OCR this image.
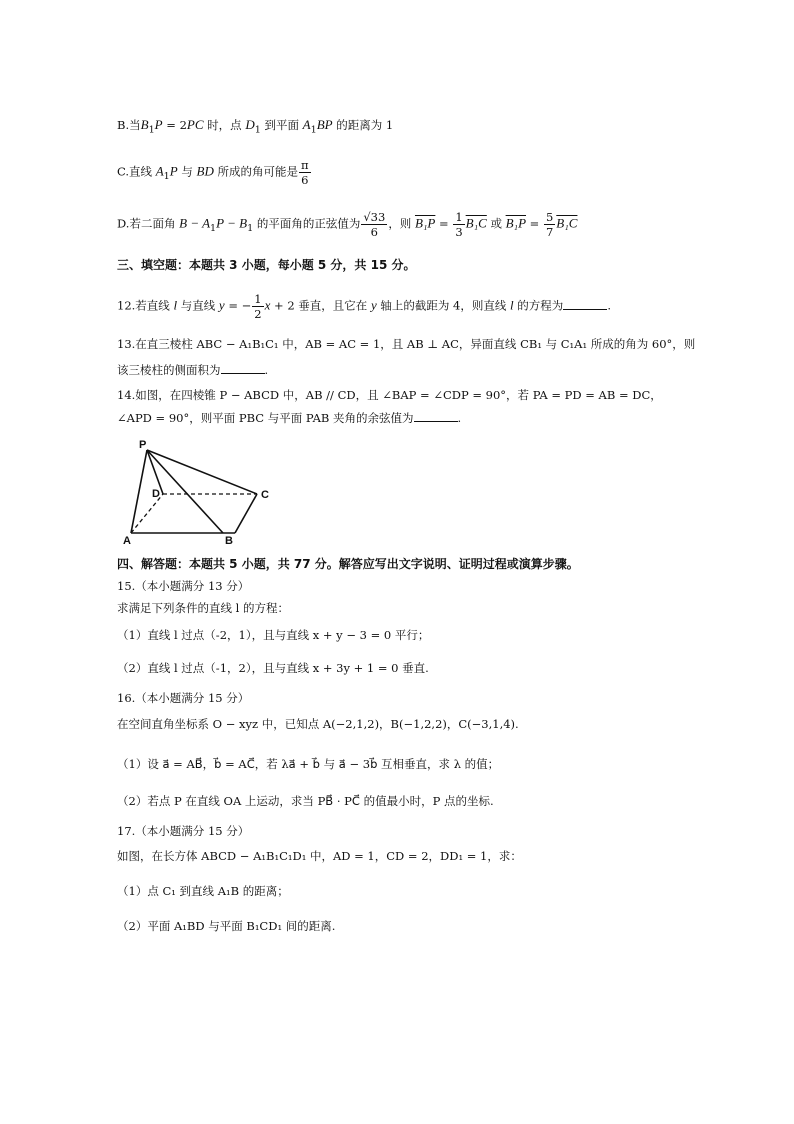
B.当$B_1P = 2PC$ 时，点 $D_1$ 到平面 $A_1BP$ 的距离为 1
C.直线 $A_1P$ 与 BD 所成的角可能是 $\frac{\pi}{6}$
D.若二面角 $B - A_1P - B_1$ 的平面角的正弦值为 $\frac{√33}{6}$ ，则 $B_1P = \frac{1}{3} B_1C$ 或 $B_1P = \frac{5}{7} B_1C$
三、填空题：本题共 3 小题，每小题 5 分，共 15 分。
12.若直线 l 与直线 y = − $\frac{1}{2}$ x + 2 垂直，且它在 y 轴上的截距为 4，则直线 l 的方程为	.
13.在直三棱柱 ABC − A₁B₁C₁ 中，AB = AC = 1，且 AB ⊥ AC，异面直线 CB₁ 与 C₁A₁ 所成的角为 60°，则
该三棱柱的侧面积为	.
14.如图，在四棱锥 P − ABCD 中，AB // CD，且 ∠BAP = ∠CDP = 90°，若 PA = PD = AB = DC，
∠APD = 90°，则平面 PBC 与平面 PAB 夹角的余弦值为	.
P
D	C
A	B
四、解答题：本题共 5 小题，共 77 分。解答应写出文字说明、证明过程或演算步骤。
15.（本小题满分 13 分）
求满足下列条件的直线 l 的方程：
（1）直线 l 过点（-2，1），且与直线 x + y − 3 = 0 平行；
（2）直线 l 过点（-1，2），且与直线 x + 3y + 1 = 0 垂直.
16.（本小题满分 15 分）
在空间直角坐标系 O − xyz 中，已知点 A(−2,1,2)，B(−1,2,2)，C(−3,1,4).
（1）设 a⃗ = AB⃗，b⃗ = AC⃗，若 λa⃗ + b⃗ 与 a⃗ − 3b⃗ 互相垂直，求 λ 的值；
（2）若点 P 在直线 OA 上运动，求当 PB⃗ · PC⃗ 的值最小时，P 点的坐标.
17.（本小题满分 15 分）
如图，在长方体 ABCD − A₁B₁C₁D₁ 中，AD = 1，CD = 2，DD₁ = 1，求：
（1）点 C₁ 到直线 A₁B 的距离；
（2）平面 A₁BD 与平面 B₁CD₁ 间的距离.
